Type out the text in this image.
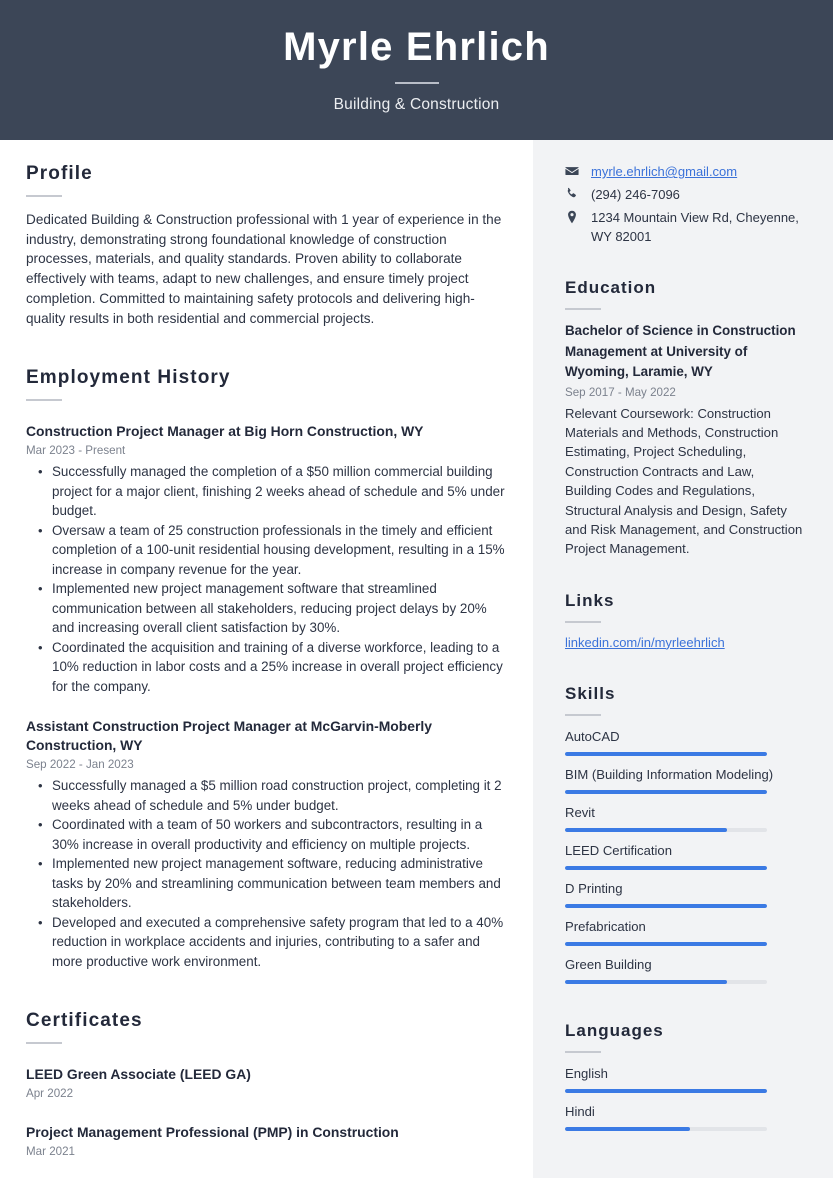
Myrle Ehrlich
Building & Construction
Profile

Dedicated Building & Construction professional with 1 year of experience in the industry, demonstrating strong foundational knowledge of construction processes, materials, and quality standards. Proven ability to collaborate effectively with teams, adapt to new challenges, and ensure timely project completion. Committed to maintaining safety protocols and delivering high-quality results in both residential and commercial projects.

Employment History
Construction Project Manager at Big Horn Construction, WY
Mar 2023 - Present
• Successfully managed the completion of a $50 million commercial building project for a major client, finishing 2 weeks ahead of schedule and 5% under budget.
• Oversaw a team of 25 construction professionals in the timely and efficient completion of a 100-unit residential housing development, resulting in a 15% increase in company revenue for the year.
• Implemented new project management software that streamlined communication between all stakeholders, reducing project delays by 20% and increasing overall client satisfaction by 30%.
• Coordinated the acquisition and training of a diverse workforce, leading to a 10% reduction in labor costs and a 25% increase in overall project efficiency for the company.
Assistant Construction Project Manager at McGarvin-Moberly Construction, WY
Sep 2022 - Jan 2023
• Successfully managed a $5 million road construction project, completing it 2 weeks ahead of schedule and 5% under budget.
• Coordinated with a team of 50 workers and subcontractors, resulting in a 30% increase in overall productivity and efficiency on multiple projects.
• Implemented new project management software, reducing administrative tasks by 20% and streamlining communication between team members and stakeholders.
• Developed and executed a comprehensive safety program that led to a 40% reduction in workplace accidents and injuries, contributing to a safer and more productive work environment.
Certificates
LEED Green Associate (LEED GA)
Apr 2022
Project Management Professional (PMP) in Construction
Mar 2021
myrle.ehrlich@gmail.com
(294) 246-7096
1234 Mountain View Rd, Cheyenne, WY 82001
Education
Bachelor of Science in Construction Management at University of Wyoming, Laramie, WY
Sep 2017 - May 2022
Relevant Coursework: Construction Materials and Methods, Construction Estimating, Project Scheduling, Construction Contracts and Law, Building Codes and Regulations, Structural Analysis and Design, Safety and Risk Management, and Construction Project Management.
Links
linkedin.com/in/myrleehrlich
Skills
AutoCAD
BIM (Building Information Modeling)
Revit
LEED Certification
D Printing
Prefabrication
Green Building
Languages
English
Hindi
